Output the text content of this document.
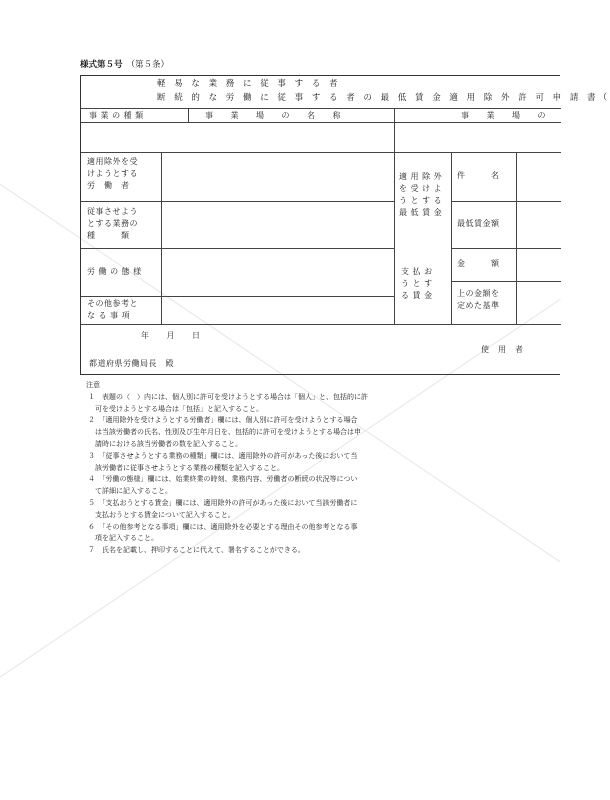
様式第５号 （第５条）
軽 易 な 業 務 に 従 事 す る 者
断 続 的 な 労 働 に 従 事 す る 者 の 最 低 賃 金 適 用 除 外 許 可 申 請 書（
事 業 の 種 類	事　　業　　場　　の　　名　　称	事　　業　　場　　の
適用除外を受
けようとする
労　働　者
従事させよう
とする業務の
種　　　類
労 働 の 態 様
その他参考と
な る 事 項
適 用 除 外
を 受 け よ
う と す る
最 低 賃 金
支 払 お
う と す
る 賃 金
件　　　名
最低賃金額
金　　　額
上の金額を
定めた基準
年　　月　　日
使　用　者
都道府県労働局長　殿
注意
１　表題の（　）内には、個人別に許可を受けようとする場合は「個人」と、包括的に許
　可を受けようとする場合は「包括」と記入すること。
２　「適用除外を受けようとする労働者」欄には、個人別に許可を受けようとする場合
　は当該労働者の氏名、性別及び生年月日を、包括的に許可を受けようとする場合は申
　請時における該当労働者の数を記入すること。
３　「従事させようとする業務の種類」欄には、適用除外の許可があった後において当
　該労働者に従事させようとする業務の種類を記入すること。
４　「労働の態様」欄には、始業終業の時刻、業務内容、労働者の断続の状況等につい
　て詳細に記入すること。
５　「支払おうとする賃金」欄には、適用除外の許可があった後において当該労働者に
　支払おうとする賃金について記入すること。
６　「その他参考となる事項」欄には、適用除外を必要とする理由その他参考となる事
　項を記入すること。
７　氏名を記載し、押印することに代えて、署名することができる。
